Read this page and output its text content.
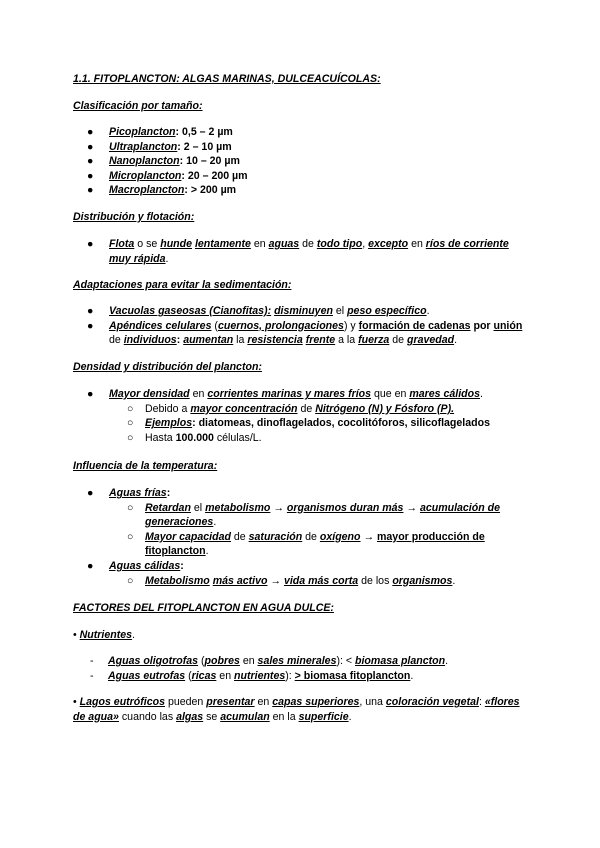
1.1. FITOPLANCTON: ALGAS MARINAS, DULCEACUÍCOLAS:
Clasificación por tamaño:
● Picoplancton: 0,5 – 2 µm
● Ultraplancton: 2 – 10 µm
● Nanoplancton: 10 – 20 µm
● Microplancton: 20 – 200 µm
● Macroplancton: > 200 µm
Distribución y flotación:
● Flota o se hunde lentamente en aguas de todo tipo, excepto en ríos de corriente muy rápida.
Adaptaciones para evitar la sedimentación:
● Vacuolas gaseosas (Cianofitas): disminuyen el peso específico.
● Apéndices celulares (cuernos, prolongaciones) y formación de cadenas por unión de individuos: aumentan la resistencia frente a la fuerza de gravedad.
Densidad y distribución del plancton:
● Mayor densidad en corrientes marinas y mares fríos que en mares cálidos.
○ Debido a mayor concentración de Nitrógeno (N) y Fósforo (P).
○ Ejemplos: diatomeas, dinoflagelados, cocolitóforos, silicoflagelados
○ Hasta 100.000 células/L.
Influencia de la temperatura:
● Aguas frías:
○ Retardan el metabolismo → organismos duran más → acumulación de generaciones.
○ Mayor capacidad de saturación de oxígeno → mayor producción de fitoplancton.
● Aguas cálidas:
○ Metabolismo más activo → vida más corta de los organismos.
FACTORES DEL FITOPLANCTON EN AGUA DULCE:
• Nutrientes.
- Aguas oligotrofas (pobres en sales minerales): < biomasa plancton.
- Aguas eutrofas (ricas en nutrientes): > biomasa fitoplancton.
• Lagos eutróficos pueden presentar en capas superiores, una coloración vegetal: «flores de agua» cuando las algas se acumulan en la superficie.
